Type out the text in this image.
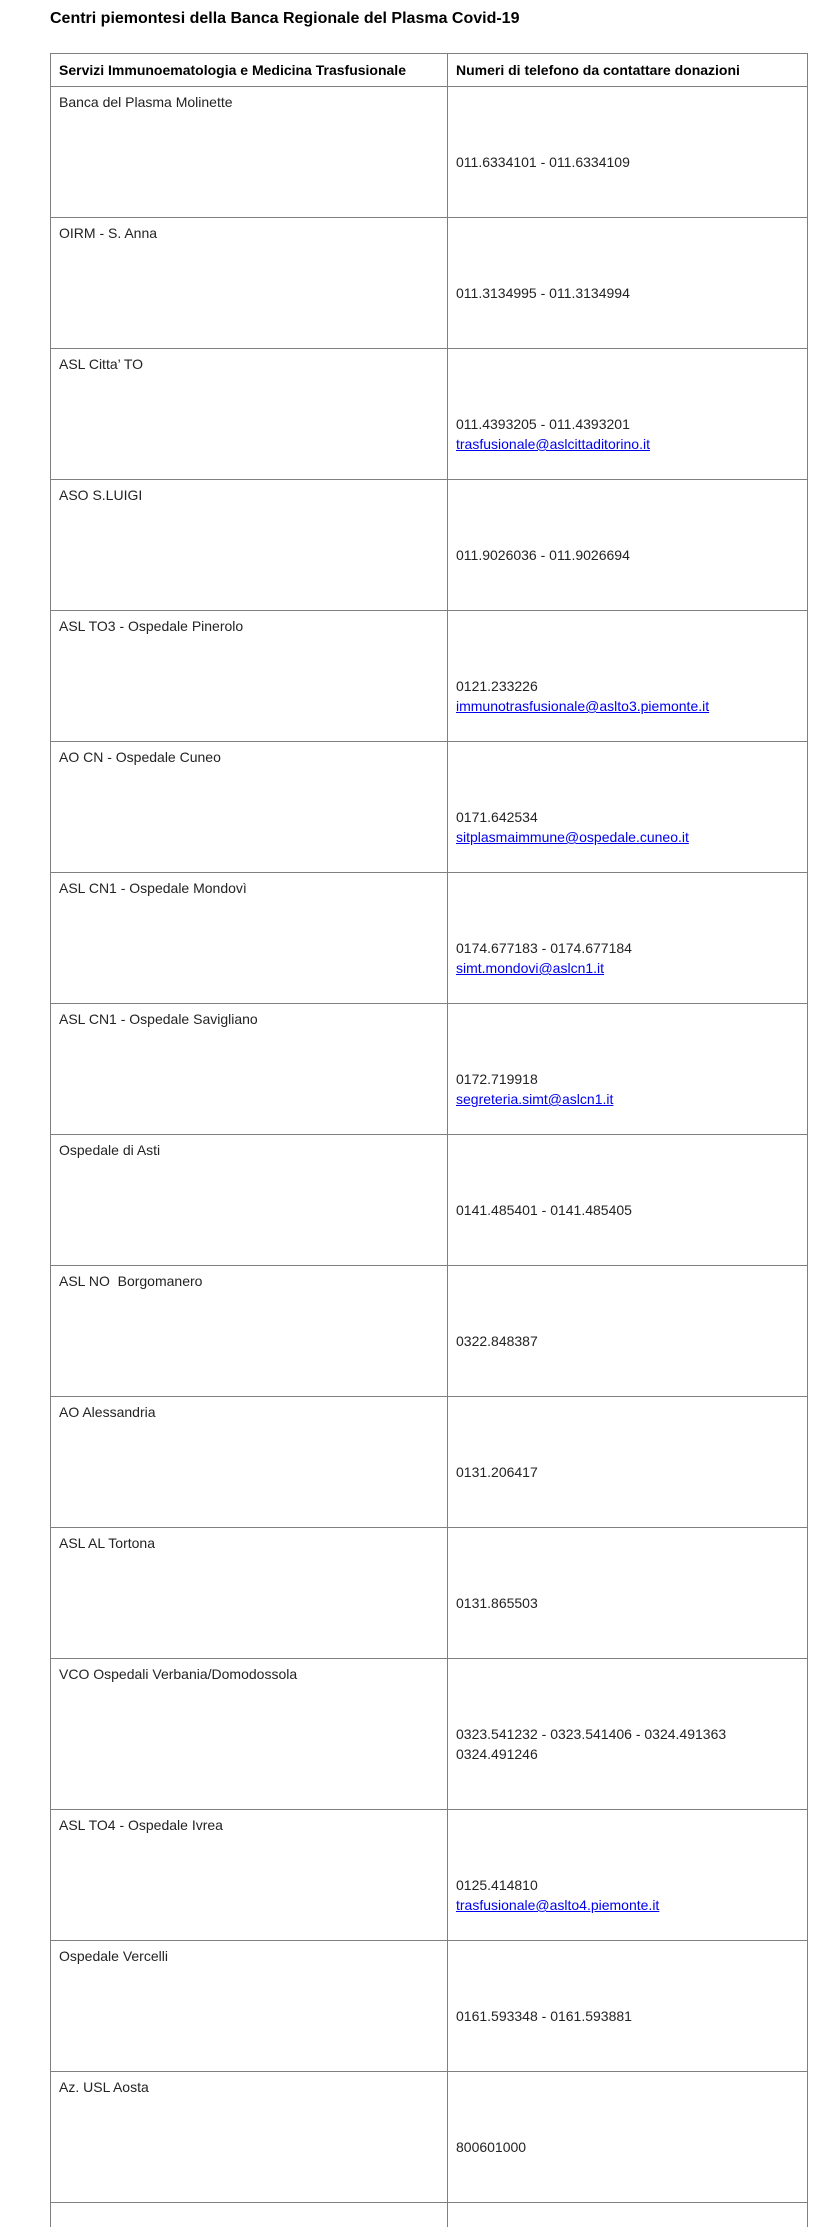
Centri piemontesi della Banca Regionale del Plasma Covid-19
Servizi Immunoematologia e Medicina Trasfusionale	Numeri di telefono da contattare donazioni
Banca del Plasma Molinette	011.6334101 - 011.6334109

OIRM - S. Anna	011.3134995 - 011.3134994

ASL Citta’ TO	011.4393205 - 011.4393201
trasfusionale@aslcittaditorino.it

ASO S.LUIGI	011.9026036 - 011.9026694

ASL TO3 - Ospedale Pinerolo	0121.233226
immunotrasfusionale@aslto3.piemonte.it

AO CN - Ospedale Cuneo	0171.642534
sitplasmaimmune@ospedale.cuneo.it

ASL CN1 - Ospedale Mondovì	0174.677183 - 0174.677184
simt.mondovi@aslcn1.it

ASL CN1 - Ospedale Savigliano	0172.719918
segreteria.simt@aslcn1.it

Ospedale di Asti	0141.485401 - 0141.485405

ASL NO  Borgomanero	0322.848387

AO Alessandria	0131.206417

ASL AL Tortona	0131.865503

VCO Ospedali Verbania/Domodossola	0323.541232 - 0323.541406 - 0324.491363
0324.491246

ASL TO4 - Ospedale Ivrea	0125.414810
trasfusionale@aslto4.piemonte.it

Ospedale Vercelli	0161.593348 - 0161.593881

Az. USL Aosta	800601000
